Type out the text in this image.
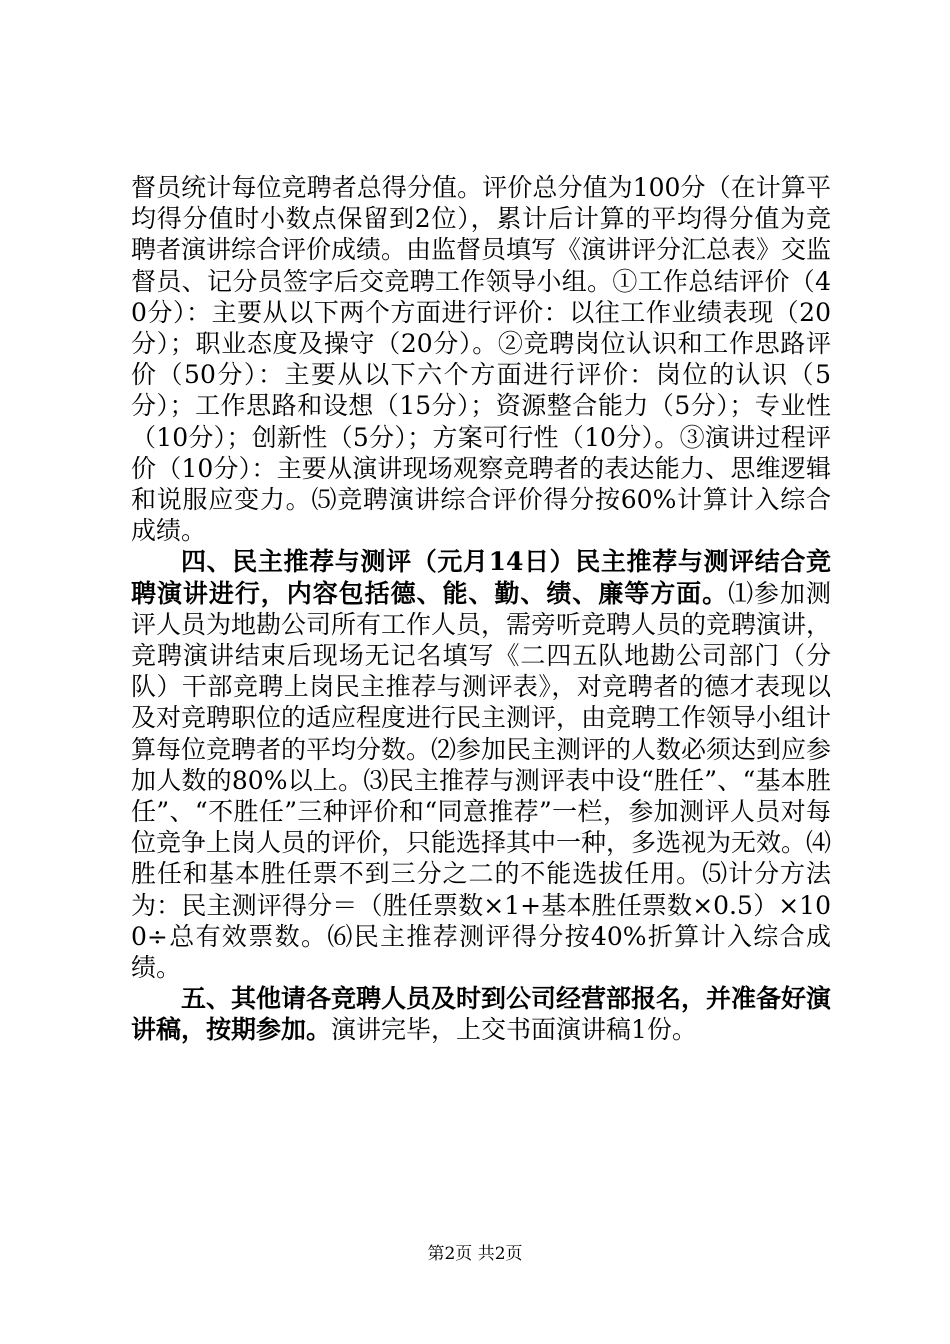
督员统计每位竞聘者总得分值。评价总分值为100分（在计算平均得分值时小数点保留到2位），累计后计算的平均得分值为竞聘者演讲综合评价成绩。由监督员填写《演讲评分汇总表》交监督员、记分员签字后交竞聘工作领导小组。①工作总结评价（40分）：主要从以下两个方面进行评价：以往工作业绩表现（20分）；职业态度及操守（20分）。②竞聘岗位认识和工作思路评价（50分）：主要从以下六个方面进行评价：岗位的认识（5分）；工作思路和设想（15分）；资源整合能力（5分）；专业性（10分）；创新性（5分）；方案可行性（10分）。③演讲过程评价（10分）：主要从演讲现场观察竞聘者的表达能力、思维逻辑和说服应变力。⑸竞聘演讲综合评价得分按60%计算计入综合成绩。

四、民主推荐与测评（元月14日）民主推荐与测评结合竞聘演讲进行，内容包括德、能、勤、绩、廉等方面。⑴参加测评人员为地勘公司所有工作人员，需旁听竞聘人员的竞聘演讲，竞聘演讲结束后现场无记名填写《二四五队地勘公司部门（分队）干部竞聘上岗民主推荐与测评表》，对竞聘者的德才表现以及对竞聘职位的适应程度进行民主测评，由竞聘工作领导小组计算每位竞聘者的平均分数。⑵参加民主测评的人数必须达到应参加人数的80%以上。⑶民主推荐与测评表中设“胜任”、“基本胜任”、“不胜任”三种评价和“同意推荐”一栏，参加测评人员对每位竞争上岗人员的评价，只能选择其中一种，多选视为无效。⑷胜任和基本胜任票不到三分之二的不能选拔任用。⑸计分方法为：民主测评得分＝（胜任票数×1+基本胜任票数×0.5）×100÷总有效票数。⑹民主推荐测评得分按40%折算计入综合成绩。

五、其他请各竞聘人员及时到公司经营部报名，并准备好演讲稿，按期参加。演讲完毕，上交书面演讲稿1份。

第2页 共2页
